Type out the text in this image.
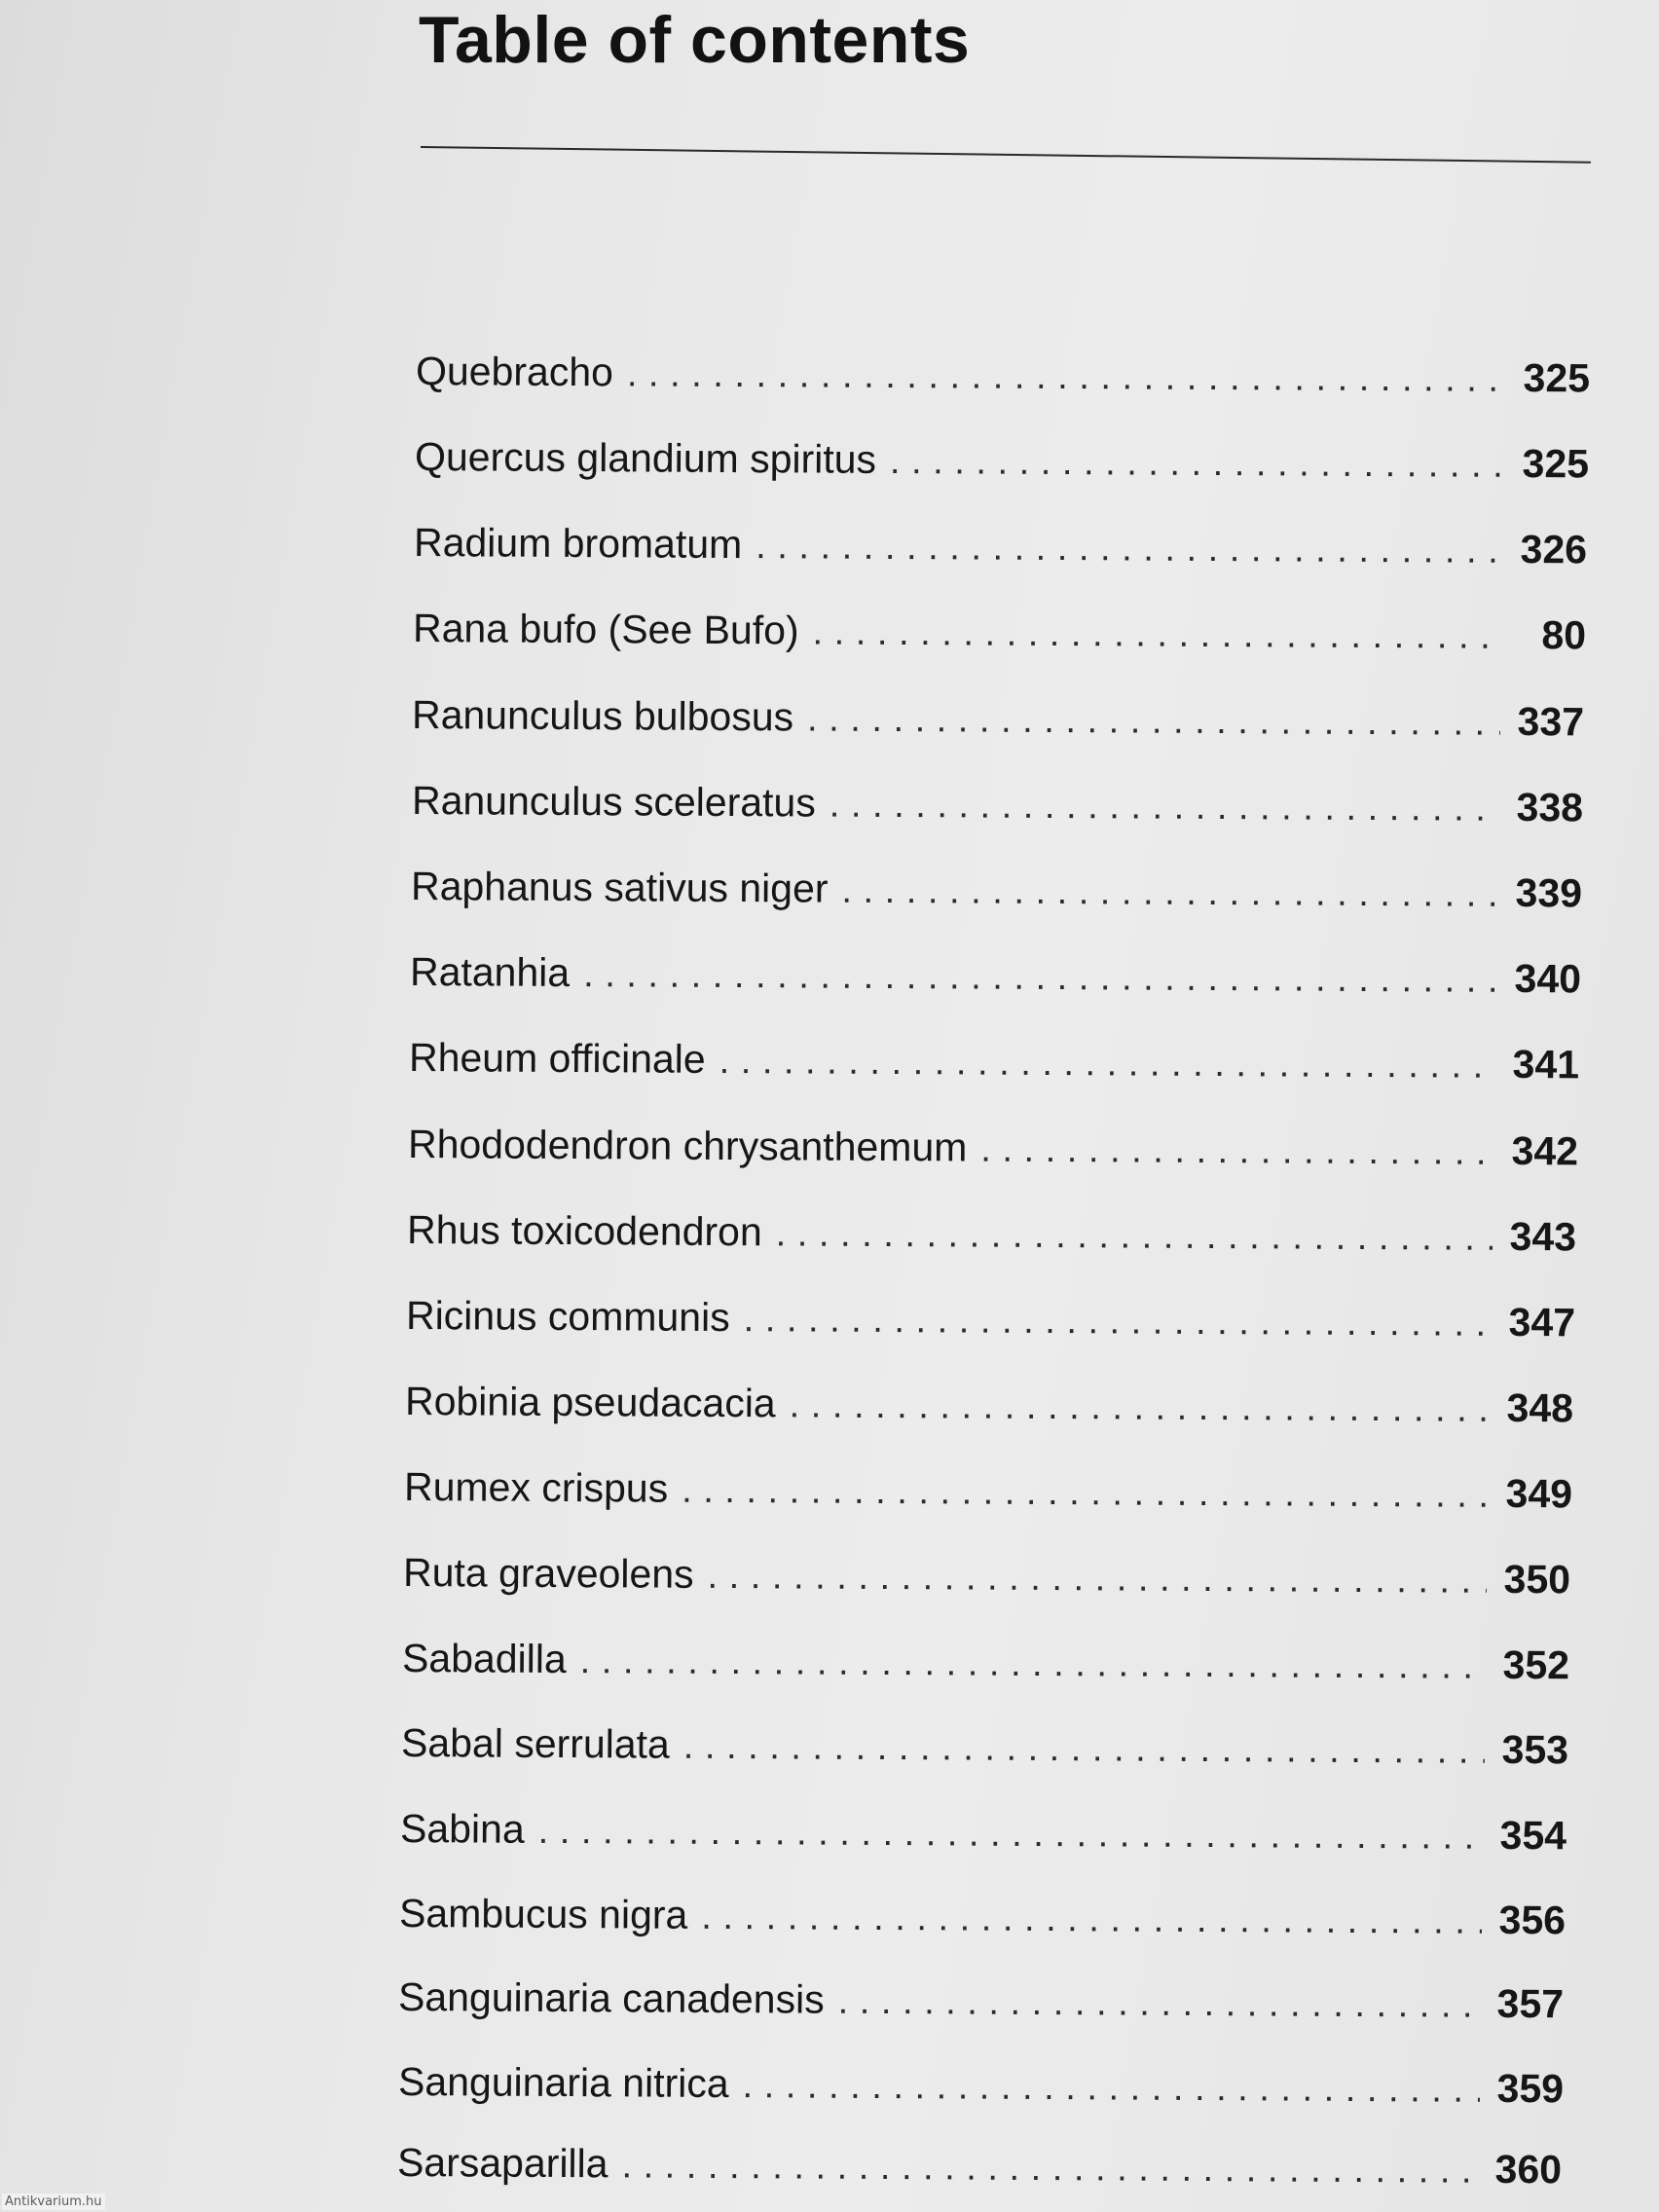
Table of contents
Quebracho . . .	325
Quercus glandium spiritus . . .	325
Radium bromatum . . .	326
Rana bufo (See Bufo) . . .	80
Ranunculus bulbosus . . .	337
Ranunculus sceleratus . . .	338
Raphanus sativus niger . . .	339
Ratanhia . . .	340
Rheum officinale . . .	341
Rhododendron chrysanthemum . . .	342
Rhus toxicodendron . . .	343
Ricinus communis . . .	347
Robinia pseudacacia . . .	348
Rumex crispus . . .	349
Ruta graveolens . . .	350
Sabadilla . . .	352
Sabal serrulata . . .	353
Sabina . . .	354
Sambucus nigra . . .	356
Sanguinaria canadensis . . .	357
Sanguinaria nitrica . . .	359
Sarsaparilla . . .	360
Antikvarium.hu
